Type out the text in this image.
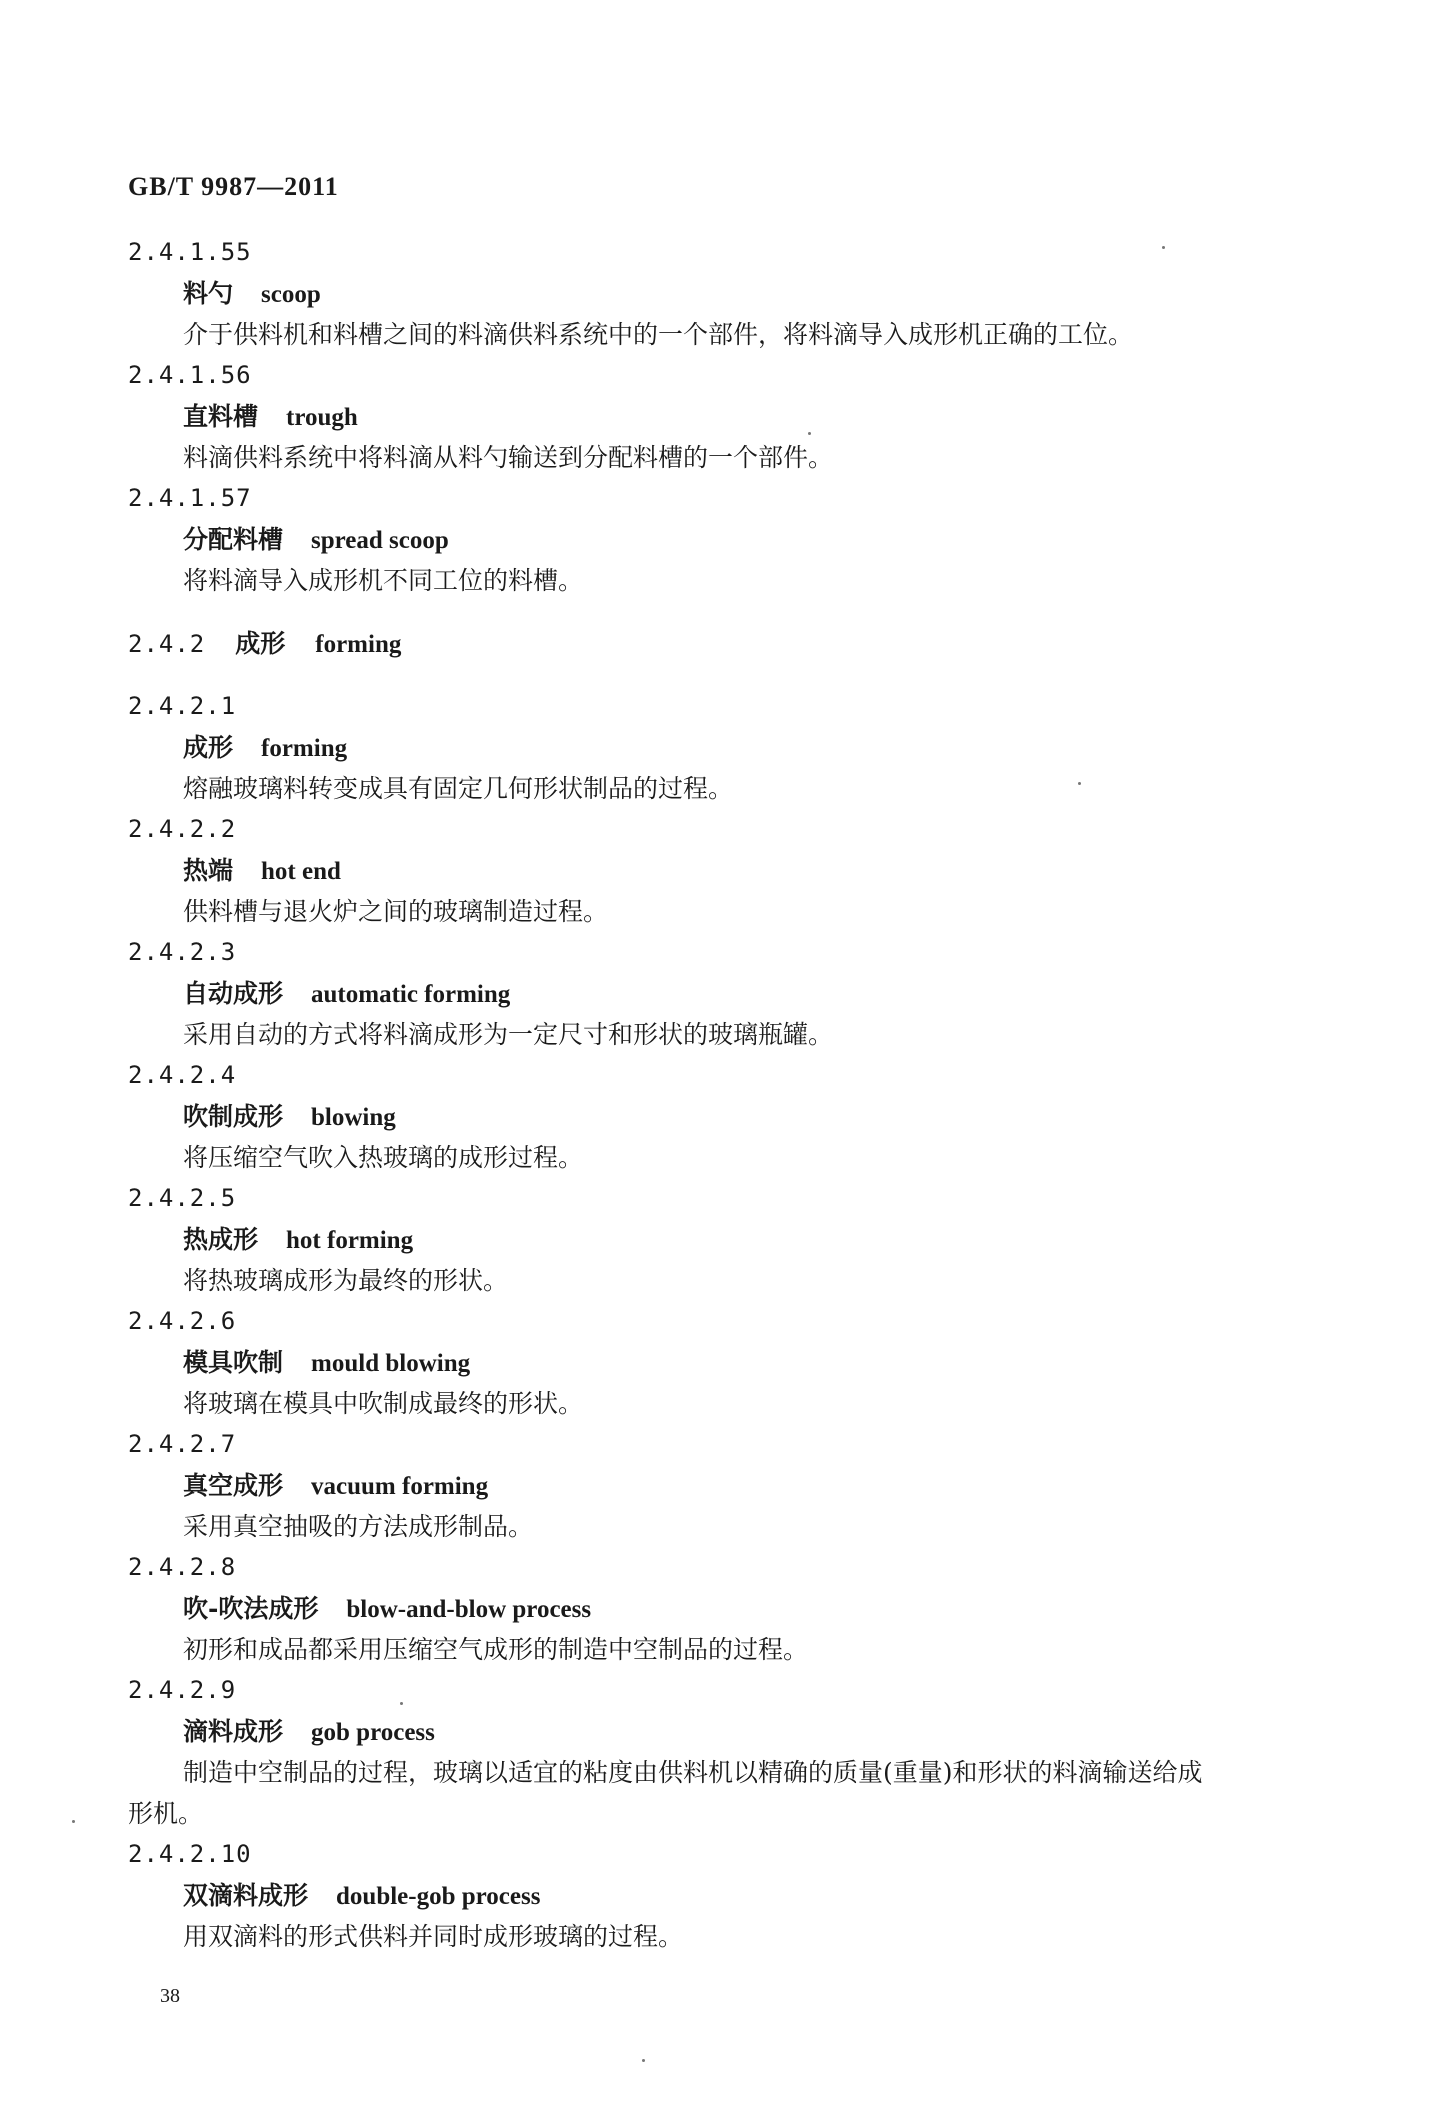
GB/T 9987—2011
2.4.1.55
料勺 scoop
介于供料机和料槽之间的料滴供料系统中的一个部件，将料滴导入成形机正确的工位。
2.4.1.56
直料槽 trough
料滴供料系统中将料滴从料勺输送到分配料槽的一个部件。
2.4.1.57
分配料槽 spread scoop
将料滴导入成形机不同工位的料槽。
2.4.2 成形 forming
2.4.2.1
成形 forming
熔融玻璃料转变成具有固定几何形状制品的过程。
2.4.2.2
热端 hot end
供料槽与退火炉之间的玻璃制造过程。
2.4.2.3
自动成形 automatic forming
采用自动的方式将料滴成形为一定尺寸和形状的玻璃瓶罐。
2.4.2.4
吹制成形 blowing
将压缩空气吹入热玻璃的成形过程。
2.4.2.5
热成形 hot forming
将热玻璃成形为最终的形状。
2.4.2.6
模具吹制 mould blowing
将玻璃在模具中吹制成最终的形状。
2.4.2.7
真空成形 vacuum forming
采用真空抽吸的方法成形制品。
2.4.2.8
吹-吹法成形 blow-and-blow process
初形和成品都采用压缩空气成形的制造中空制品的过程。
2.4.2.9
滴料成形 gob process
制造中空制品的过程，玻璃以适宜的粘度由供料机以精确的质量(重量)和形状的料滴输送给成
形机。
2.4.2.10
双滴料成形 double-gob process
用双滴料的形式供料并同时成形玻璃的过程。
38
